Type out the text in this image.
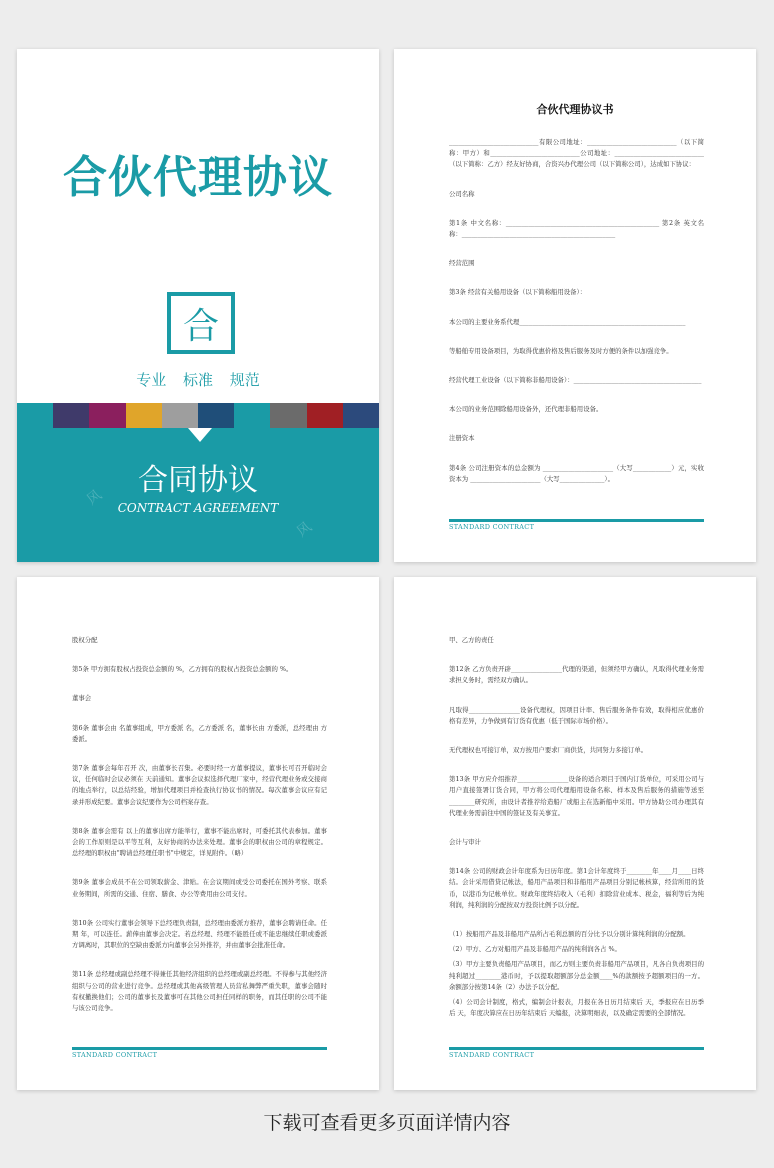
合伙代理协议
合
专业 标准 规范
风
风
合同协议
CONTRACT AGREEMENT
合伙代理协议书

____________________________有限公司地址：____________________________（以下简称：甲方）和____________________________公司地址：____________________________（以下简称：乙方）经友好协商，合资兴办代理公司（以下简称公司），达成如下协议：

公司名称

第1条 中文名称：________________________________________________ 第2条 英文名称：________________________________________________

经营范围

第3条 经营有关船用设备（以下简称船用设备）：

本公司的主要业务系代理____________________________________________________

等船舶专用设备项目，为取得优惠价格及售后服务及时方便的条件以加强竞争。

经营代理工业设备（以下简称非船用设备）：________________________________________

本公司的业务范围除船用设备外，还代理非船用设备。

注册资本

第4条 公司注册资本的总金额为 ______________________（大写____________）元，实收资本为 ______________________（大写______________）。

STANDARD CONTRACT

股权分配

第5条 甲方拥有股权占投资总金额的 %，乙方拥有的股权占投资总金额的 %。

董事会

第6条 董事会由 名董事组成，甲方委派 名，乙方委派 名，董事长由 方委派，总经理由 方委派。

第7条 董事会每年召开 次，由董事长召集。必要时经一方董事提议，董事长可召开临时会议，任何临时会议必须在 天前通知。董事会议拟选择代理厂家中，经营代理业务或交接商的地点举行，以总结经验，增加代理项目并检查执行协议书的情况。每次董事会议应有记录并形成纪要。董事会议纪要作为公司档案存查。

第8条 董事会需有 以上的董事出席方能举行，董事不能出席时，可委托其代表参加。董事会的工作原则是以平等互利，友好协商的办法来处理。董事会的职权由公司的章程规定。总经理的职权由"聘请总经理任职书"中规定，详见附件。（略）

第9条 董事会成员不在公司领取薪金、津贴。在会议期间或受公司委托在国外考察、联系业务期间，所需的交通、住宿、膳食、办公等费用由公司支付。

第10条 公司实行董事会领导下总经理负责制，总经理由委派方推荐，董事会聘请任命。任期 年，可以连任。薪俸由董事会决定。若总经理、经理不能胜任或不能忠继续任职或委派方调离时，其职位的空缺由委派方向董事会另外推荐，并由董事会批准任命。

第11条 总经理或副总经理不得兼任其他经济组织的总经理或副总经理。不得参与其他经济组织与公司的营业进行竞争。总经理或其他高级管理人员营私舞弊严重失职，董事会随时有权撤换他们；公司的董事长及董事可在其他公司担任同样的职务，而其任职的公司不能与该公司竞争。

STANDARD CONTRACT

甲、乙方的责任

第12条 乙方负责开辟________________代理的渠道，但须经甲方确认，凡取得代理业务需求担义务时，需经双方确认。

凡取得________________设备代理权，因项目计率、售后服务条件有效，取得相应优惠价格有差异，力争做到有订货有优惠（低于国际市场价格）。

无代理权也可接订单，双方按用户要求厂商供货，共同努力多接订单。

第13条 甲方应介绍推荐________________设备的适合项目于国内订货单位，可采用公司与用户直接签署订货合同，甲方将公司代理船用设备名称、样本及售后服务的措施等送至________研究所，由设计者推荐给造船厂或船主在选新船中采用。甲方协助公司办理其有代理业务需前往中国的签证及有关事宜。

会计与审计

第14条 公司的财政会计年度系为日历年度。第1会计年度终于________年____月____日终结。会计采用借贷记帐法，船用产品项目和非船用产品项目分别记帐核算，经营所用的货币，以港币为记帐单位。财政年度终结收入（毛利）扣除营业成本、税金，福利等后为纯利润，纯利润的分配按双方投资比例予以分配。

（1）按船用产品及非船用产品所占毛利总额的百分比予以分别计算纯利润的分配额。

（2）甲方、乙方对船用产品及非船用产品的纯利润各占 %。

（3）甲方主要负责船用产品项目，而乙方则主要负责非船用产品项目，凡各自负责项目的纯利超过________港币时，予以提取超额部分总金额____%的款额按予超额项目的一方。余额部分按第14条（2）办法予以分配。

（4）公司会计制度，格式，编制会计报表，月报在各日历月结束后 天，季报应在日历季后 天，年度决算应在日历年结束后 天编报，决算明细表，以及确定需要的全部情况。

STANDARD CONTRACT
下载可查看更多页面详情内容
